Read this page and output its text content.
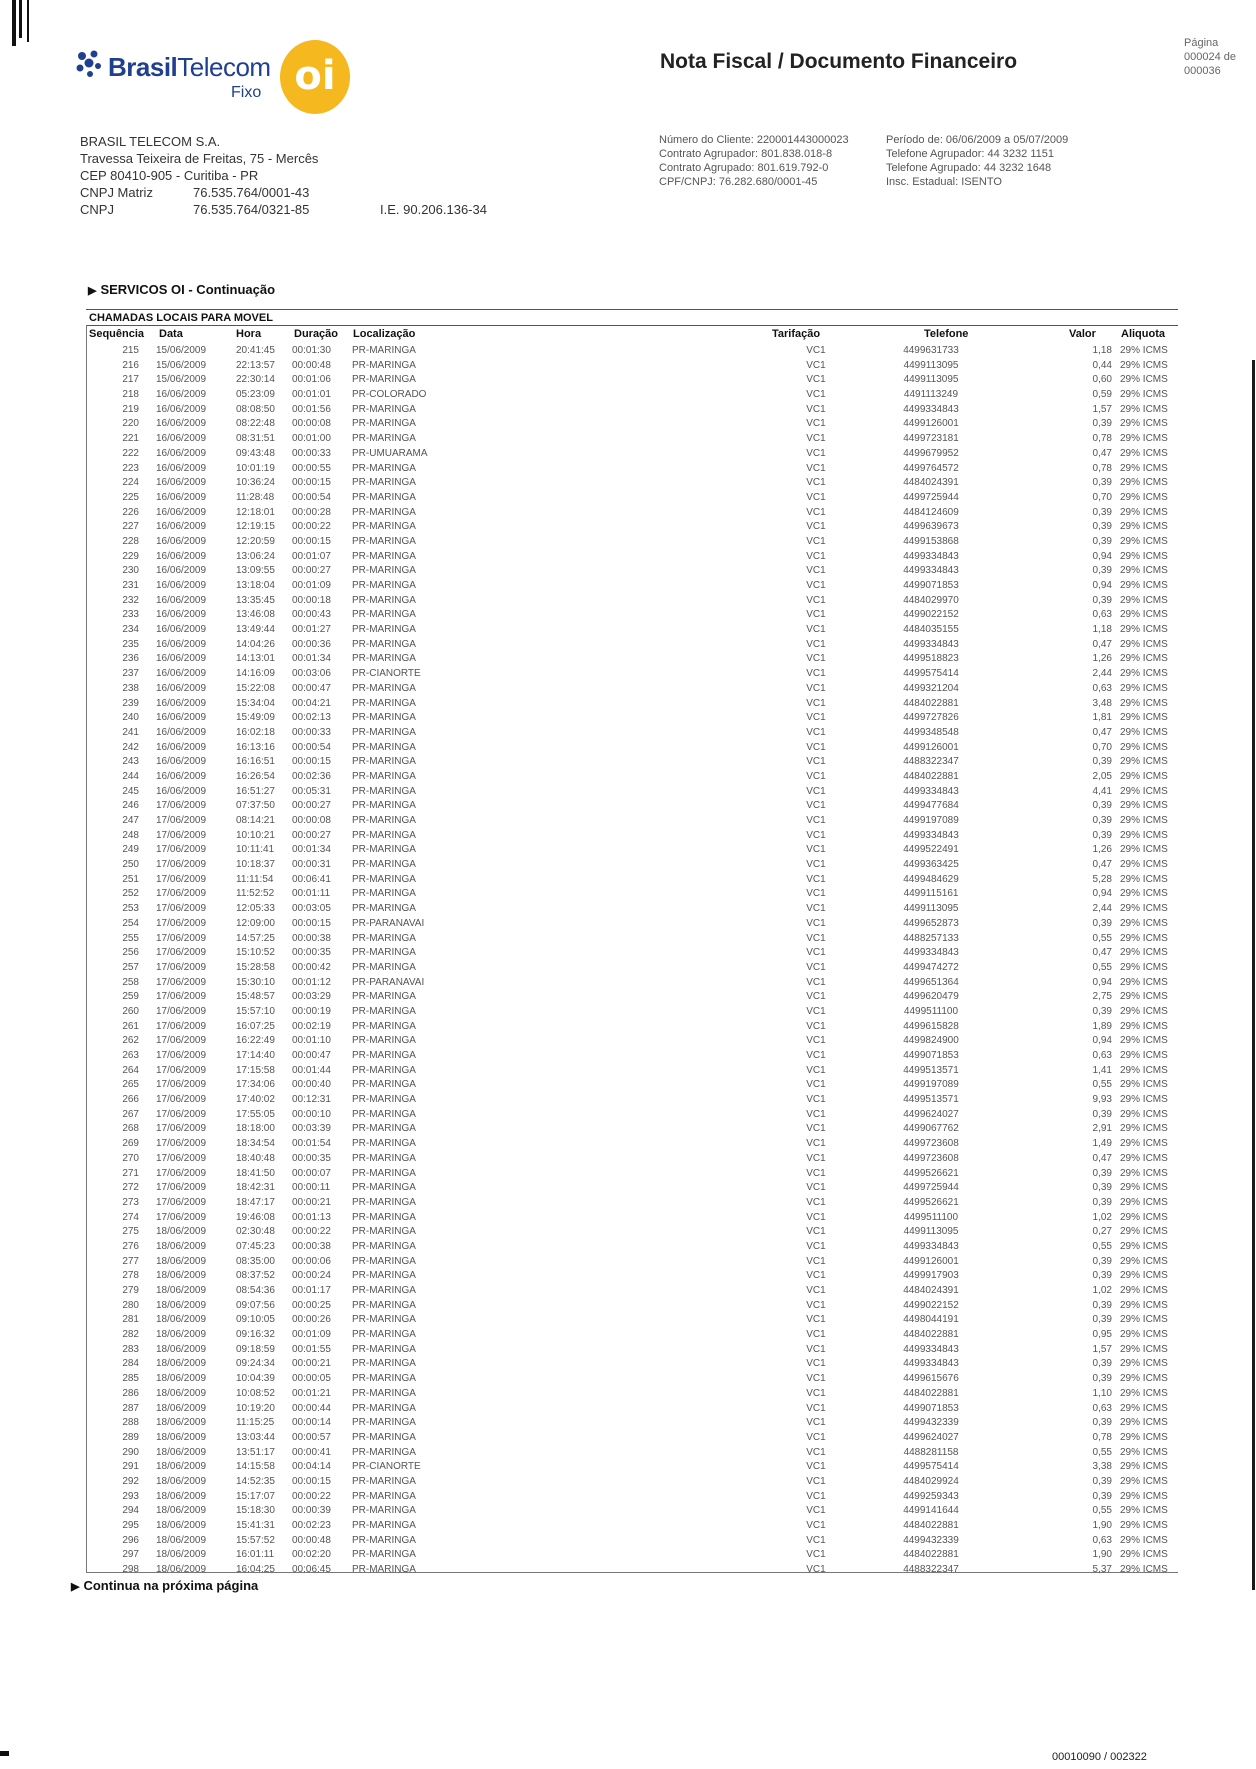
BrasilTelecom
Fixo oi	Nota Fiscal / Documento Financeiro
Página
000024 de 000036
BRASIL TELECOM S.A.
Travessa Teixeira de Freitas, 75 - Mercês
CEP 80410-905 - Curitiba - PR
CNPJ Matriz	76.535.764/0001-43
CNPJ	76.535.764/0321-85	I.E. 90.206.136-34
Número do Cliente: 220001443000023
Contrato Agrupador: 801.838.018-8
Contrato Agrupado: 801.619.792-0
CPF/CNPJ: 76.282.680/0001-45
Período de: 06/06/2009 a 05/07/2009
Telefone Agrupador: 44 3232 1151
Telefone Agrupado: 44 3232 1648
Insc. Estadual: ISENTO
▶ SERVICOS OI - Continuação
CHAMADAS LOCAIS PARA MOVEL
Sequência Data	Hora	Duração Localização	Tarifação	Telefone	Valor Aliquota
215 15/06/2009	20:41:45 00:01:30 PR-MARINGA	VC1	4499631733	1,18 29% ICMS
216 15/06/2009	22:13:57 00:00:48 PR-MARINGA	VC1	4499113095	0,44 29% ICMS
217 15/06/2009	22:30:14 00:01:06 PR-MARINGA	VC1	4499113095	0,60 29% ICMS
218 16/06/2009	05:23:09 00:01:01 PR-COLORADO	VC1	4491113249	0,59 29% ICMS
219 16/06/2009	08:08:50 00:01:56 PR-MARINGA	VC1	4499334843	1,57 29% ICMS
220 16/06/2009	08:22:48 00:00:08 PR-MARINGA	VC1	4499126001	0,39 29% ICMS
221 16/06/2009	08:31:51 00:01:00 PR-MARINGA	VC1	4499723181	0,78 29% ICMS
222 16/06/2009	09:43:48 00:00:33 PR-UMUARAMA	VC1	4499679952	0,47 29% ICMS
223 16/06/2009	10:01:19 00:00:55 PR-MARINGA	VC1	4499764572	0,78 29% ICMS
224 16/06/2009	10:36:24 00:00:15 PR-MARINGA	VC1	4484024391	0,39 29% ICMS
225 16/06/2009	11:28:48 00:00:54 PR-MARINGA	VC1	4499725944	0,70 29% ICMS
226 16/06/2009	12:18:01 00:00:28 PR-MARINGA	VC1	4484124609	0,39 29% ICMS
227 16/06/2009	12:19:15 00:00:22 PR-MARINGA	VC1	4499639673	0,39 29% ICMS
228 16/06/2009	12:20:59 00:00:15 PR-MARINGA	VC1	4499153868	0,39 29% ICMS
229 16/06/2009	13:06:24 00:01:07 PR-MARINGA	VC1	4499334843	0,94 29% ICMS
230 16/06/2009	13:09:55 00:00:27 PR-MARINGA	VC1	4499334843	0,39 29% ICMS
231 16/06/2009	13:18:04 00:01:09 PR-MARINGA	VC1	4499071853	0,94 29% ICMS
232 16/06/2009	13:35:45 00:00:18 PR-MARINGA	VC1	4484029970	0,39 29% ICMS
233 16/06/2009	13:46:08 00:00:43 PR-MARINGA	VC1	4499022152	0,63 29% ICMS
234 16/06/2009	13:49:44 00:01:27 PR-MARINGA	VC1	4484035155	1,18 29% ICMS
235 16/06/2009	14:04:26 00:00:36 PR-MARINGA	VC1	4499334843	0,47 29% ICMS
236 16/06/2009	14:13:01 00:01:34 PR-MARINGA	VC1	4499518823	1,26 29% ICMS
237 16/06/2009	14:16:09 00:03:06 PR-CIANORTE	VC1	4499575414	2,44 29% ICMS
238 16/06/2009	15:22:08 00:00:47 PR-MARINGA	VC1	4499321204	0,63 29% ICMS
239 16/06/2009	15:34:04 00:04:21 PR-MARINGA	VC1	4484022881	3,48 29% ICMS
240 16/06/2009	15:49:09 00:02:13 PR-MARINGA	VC1	4499727826	1,81 29% ICMS
241 16/06/2009	16:02:18 00:00:33 PR-MARINGA	VC1	4499348548	0,47 29% ICMS
242 16/06/2009	16:13:16 00:00:54 PR-MARINGA	VC1	4499126001	0,70 29% ICMS
243 16/06/2009	16:16:51 00:00:15 PR-MARINGA	VC1	4488322347	0,39 29% ICMS
244 16/06/2009	16:26:54 00:02:36 PR-MARINGA	VC1	4484022881	2,05 29% ICMS
245 16/06/2009	16:51:27 00:05:31 PR-MARINGA	VC1	4499334843	4,41 29% ICMS
246 17/06/2009	07:37:50 00:00:27 PR-MARINGA	VC1	4499477684	0,39 29% ICMS
247 17/06/2009	08:14:21 00:00:08 PR-MARINGA	VC1	4499197089	0,39 29% ICMS
248 17/06/2009	10:10:21 00:00:27 PR-MARINGA	VC1	4499334843	0,39 29% ICMS
249 17/06/2009	10:11:41 00:01:34 PR-MARINGA	VC1	4499522491	1,26 29% ICMS
250 17/06/2009	10:18:37 00:00:31 PR-MARINGA	VC1	4499363425	0,47 29% ICMS
251 17/06/2009	11:11:54 00:06:41 PR-MARINGA	VC1	4499484629	5,28 29% ICMS
252 17/06/2009	11:52:52 00:01:11 PR-MARINGA	VC1	4499115161	0,94 29% ICMS
253 17/06/2009	12:05:33 00:03:05 PR-MARINGA	VC1	4499113095	2,44 29% ICMS
254 17/06/2009	12:09:00 00:00:15 PR-PARANAVAI	VC1	4499652873	0,39 29% ICMS
255 17/06/2009	14:57:25 00:00:38 PR-MARINGA	VC1	4488257133	0,55 29% ICMS
256 17/06/2009	15:10:52 00:00:35 PR-MARINGA	VC1	4499334843	0,47 29% ICMS
257 17/06/2009	15:28:58 00:00:42 PR-MARINGA	VC1	4499474272	0,55 29% ICMS
258 17/06/2009	15:30:10 00:01:12 PR-PARANAVAI	VC1	4499651364	0,94 29% ICMS
259 17/06/2009	15:48:57 00:03:29 PR-MARINGA	VC1	4499620479	2,75 29% ICMS
260 17/06/2009	15:57:10 00:00:19 PR-MARINGA	VC1	4499511100	0,39 29% ICMS
261 17/06/2009	16:07:25 00:02:19 PR-MARINGA	VC1	4499615828	1,89 29% ICMS
262 17/06/2009	16:22:49 00:01:10 PR-MARINGA	VC1	4499824900	0,94 29% ICMS
263 17/06/2009	17:14:40 00:00:47 PR-MARINGA	VC1	4499071853	0,63 29% ICMS
264 17/06/2009	17:15:58 00:01:44 PR-MARINGA	VC1	4499513571	1,41 29% ICMS
265 17/06/2009	17:34:06 00:00:40 PR-MARINGA	VC1	4499197089	0,55 29% ICMS
266 17/06/2009	17:40:02 00:12:31 PR-MARINGA	VC1	4499513571	9,93 29% ICMS
267 17/06/2009	17:55:05 00:00:10 PR-MARINGA	VC1	4499624027	0,39 29% ICMS
268 17/06/2009	18:18:00 00:03:39 PR-MARINGA	VC1	4499067762	2,91 29% ICMS
269 17/06/2009	18:34:54 00:01:54 PR-MARINGA	VC1	4499723608	1,49 29% ICMS
270 17/06/2009	18:40:48 00:00:35 PR-MARINGA	VC1	4499723608	0,47 29% ICMS
271 17/06/2009	18:41:50 00:00:07 PR-MARINGA	VC1	4499526621	0,39 29% ICMS
272 17/06/2009	18:42:31 00:00:11 PR-MARINGA	VC1	4499725944	0,39 29% ICMS
273 17/06/2009	18:47:17 00:00:21 PR-MARINGA	VC1	4499526621	0,39 29% ICMS
274 17/06/2009	19:46:08 00:01:13 PR-MARINGA	VC1	4499511100	1,02 29% ICMS
275 18/06/2009	02:30:48 00:00:22 PR-MARINGA	VC1	4499113095	0,27 29% ICMS
276 18/06/2009	07:45:23 00:00:38 PR-MARINGA	VC1	4499334843	0,55 29% ICMS
277 18/06/2009	08:35:00 00:00:06 PR-MARINGA	VC1	4499126001	0,39 29% ICMS
278 18/06/2009	08:37:52 00:00:24 PR-MARINGA	VC1	4499917903	0,39 29% ICMS
279 18/06/2009	08:54:36 00:01:17 PR-MARINGA	VC1	4484024391	1,02 29% ICMS
280 18/06/2009	09:07:56 00:00:25 PR-MARINGA	VC1	4499022152	0,39 29% ICMS
281 18/06/2009	09:10:05 00:00:26 PR-MARINGA	VC1	4498044191	0,39 29% ICMS
282 18/06/2009	09:16:32 00:01:09 PR-MARINGA	VC1	4484022881	0,95 29% ICMS
283 18/06/2009	09:18:59 00:01:55 PR-MARINGA	VC1	4499334843	1,57 29% ICMS
284 18/06/2009	09:24:34 00:00:21 PR-MARINGA	VC1	4499334843	0,39 29% ICMS
285 18/06/2009	10:04:39 00:00:05 PR-MARINGA	VC1	4499615676	0,39 29% ICMS
286 18/06/2009	10:08:52 00:01:21 PR-MARINGA	VC1	4484022881	1,10 29% ICMS
287 18/06/2009	10:19:20 00:00:44 PR-MARINGA	VC1	4499071853	0,63 29% ICMS
288 18/06/2009	11:15:25 00:00:14 PR-MARINGA	VC1	4499432339	0,39 29% ICMS
289 18/06/2009	13:03:44 00:00:57 PR-MARINGA	VC1	4499624027	0,78 29% ICMS
290 18/06/2009	13:51:17 00:00:41 PR-MARINGA	VC1	4488281158	0,55 29% ICMS
291 18/06/2009	14:15:58 00:04:14 PR-CIANORTE	VC1	4499575414	3,38 29% ICMS
292 18/06/2009	14:52:35 00:00:15 PR-MARINGA	VC1	4484029924	0,39 29% ICMS
293 18/06/2009	15:17:07 00:00:22 PR-MARINGA	VC1	4499259343	0,39 29% ICMS
294 18/06/2009	15:18:30 00:00:39 PR-MARINGA	VC1	4499141644	0,55 29% ICMS
295 18/06/2009	15:41:31 00:02:23 PR-MARINGA	VC1	4484022881	1,90 29% ICMS
296 18/06/2009	15:57:52 00:00:48 PR-MARINGA	VC1	4499432339	0,63 29% ICMS
297 18/06/2009	16:01:11 00:02:20 PR-MARINGA	VC1	4484022881	1,90 29% ICMS
298 18/06/2009	16:04:25 00:06:45 PR-MARINGA	VC1	4488322347	5,37 29% ICMS
▶ Continua na próxima página
00010090 / 002322
